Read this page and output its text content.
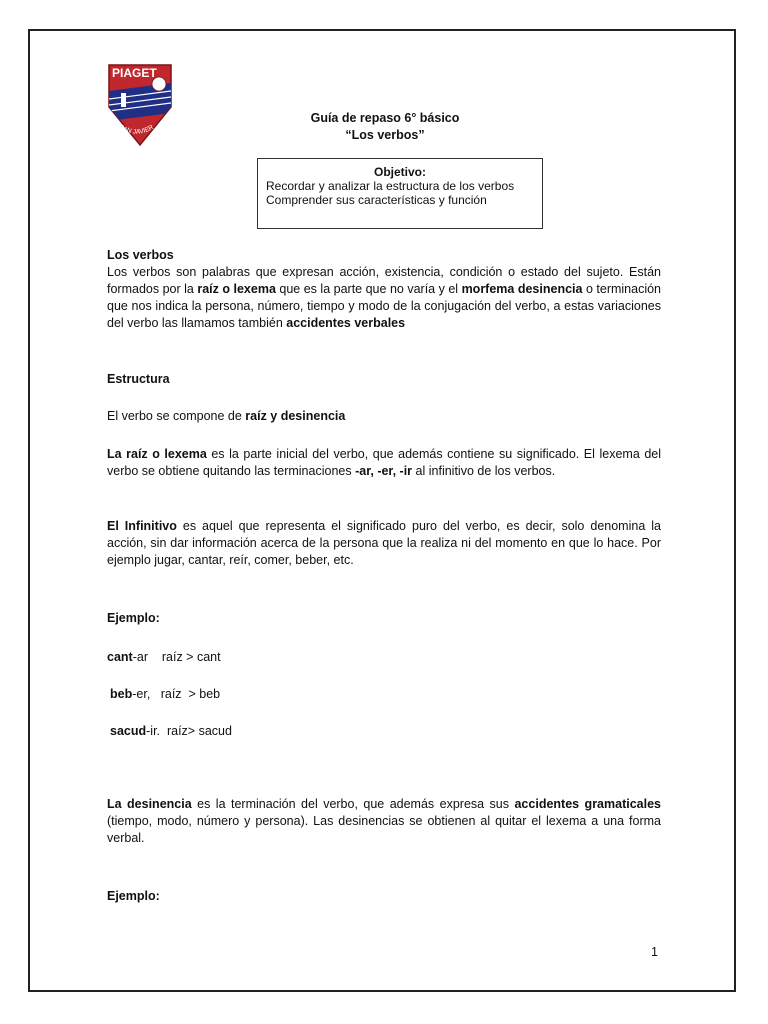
PIAGET
SAN JAVIER
Guía de repaso 6° básico
“Los verbos”
Objetivo:
Recordar y analizar la estructura de los verbos
Comprender sus características y función
Los verbos
Los verbos son palabras que expresan acción, existencia, condición o estado del sujeto. Están formados por la raíz o lexema que es la parte que no varía y el morfema desinencia o terminación que nos indica la persona, número, tiempo y modo de la conjugación del verbo, a estas variaciones del verbo las llamamos también accidentes verbales
Estructura
El verbo se compone de raíz y desinencia
La raíz o lexema es la parte inicial del verbo, que además contiene su significado. El lexema del verbo se obtiene quitando las terminaciones -ar, -er, -ir al infinitivo de los verbos.
El Infinitivo es aquel que representa el significado puro del verbo, es decir, solo denomina la acción, sin dar información acerca de la persona que la realiza ni del momento en que lo hace. Por ejemplo jugar, cantar, reír, comer, beber, etc.
Ejemplo:
cant-ar    raíz > cant
beb-er,   raíz  > beb
sacud-ir.  raíz> sacud
La desinencia es la terminación del verbo, que además expresa sus accidentes gramaticales (tiempo, modo, número y persona). Las desinencias se obtienen al quitar el lexema a una forma verbal.
Ejemplo:
1
